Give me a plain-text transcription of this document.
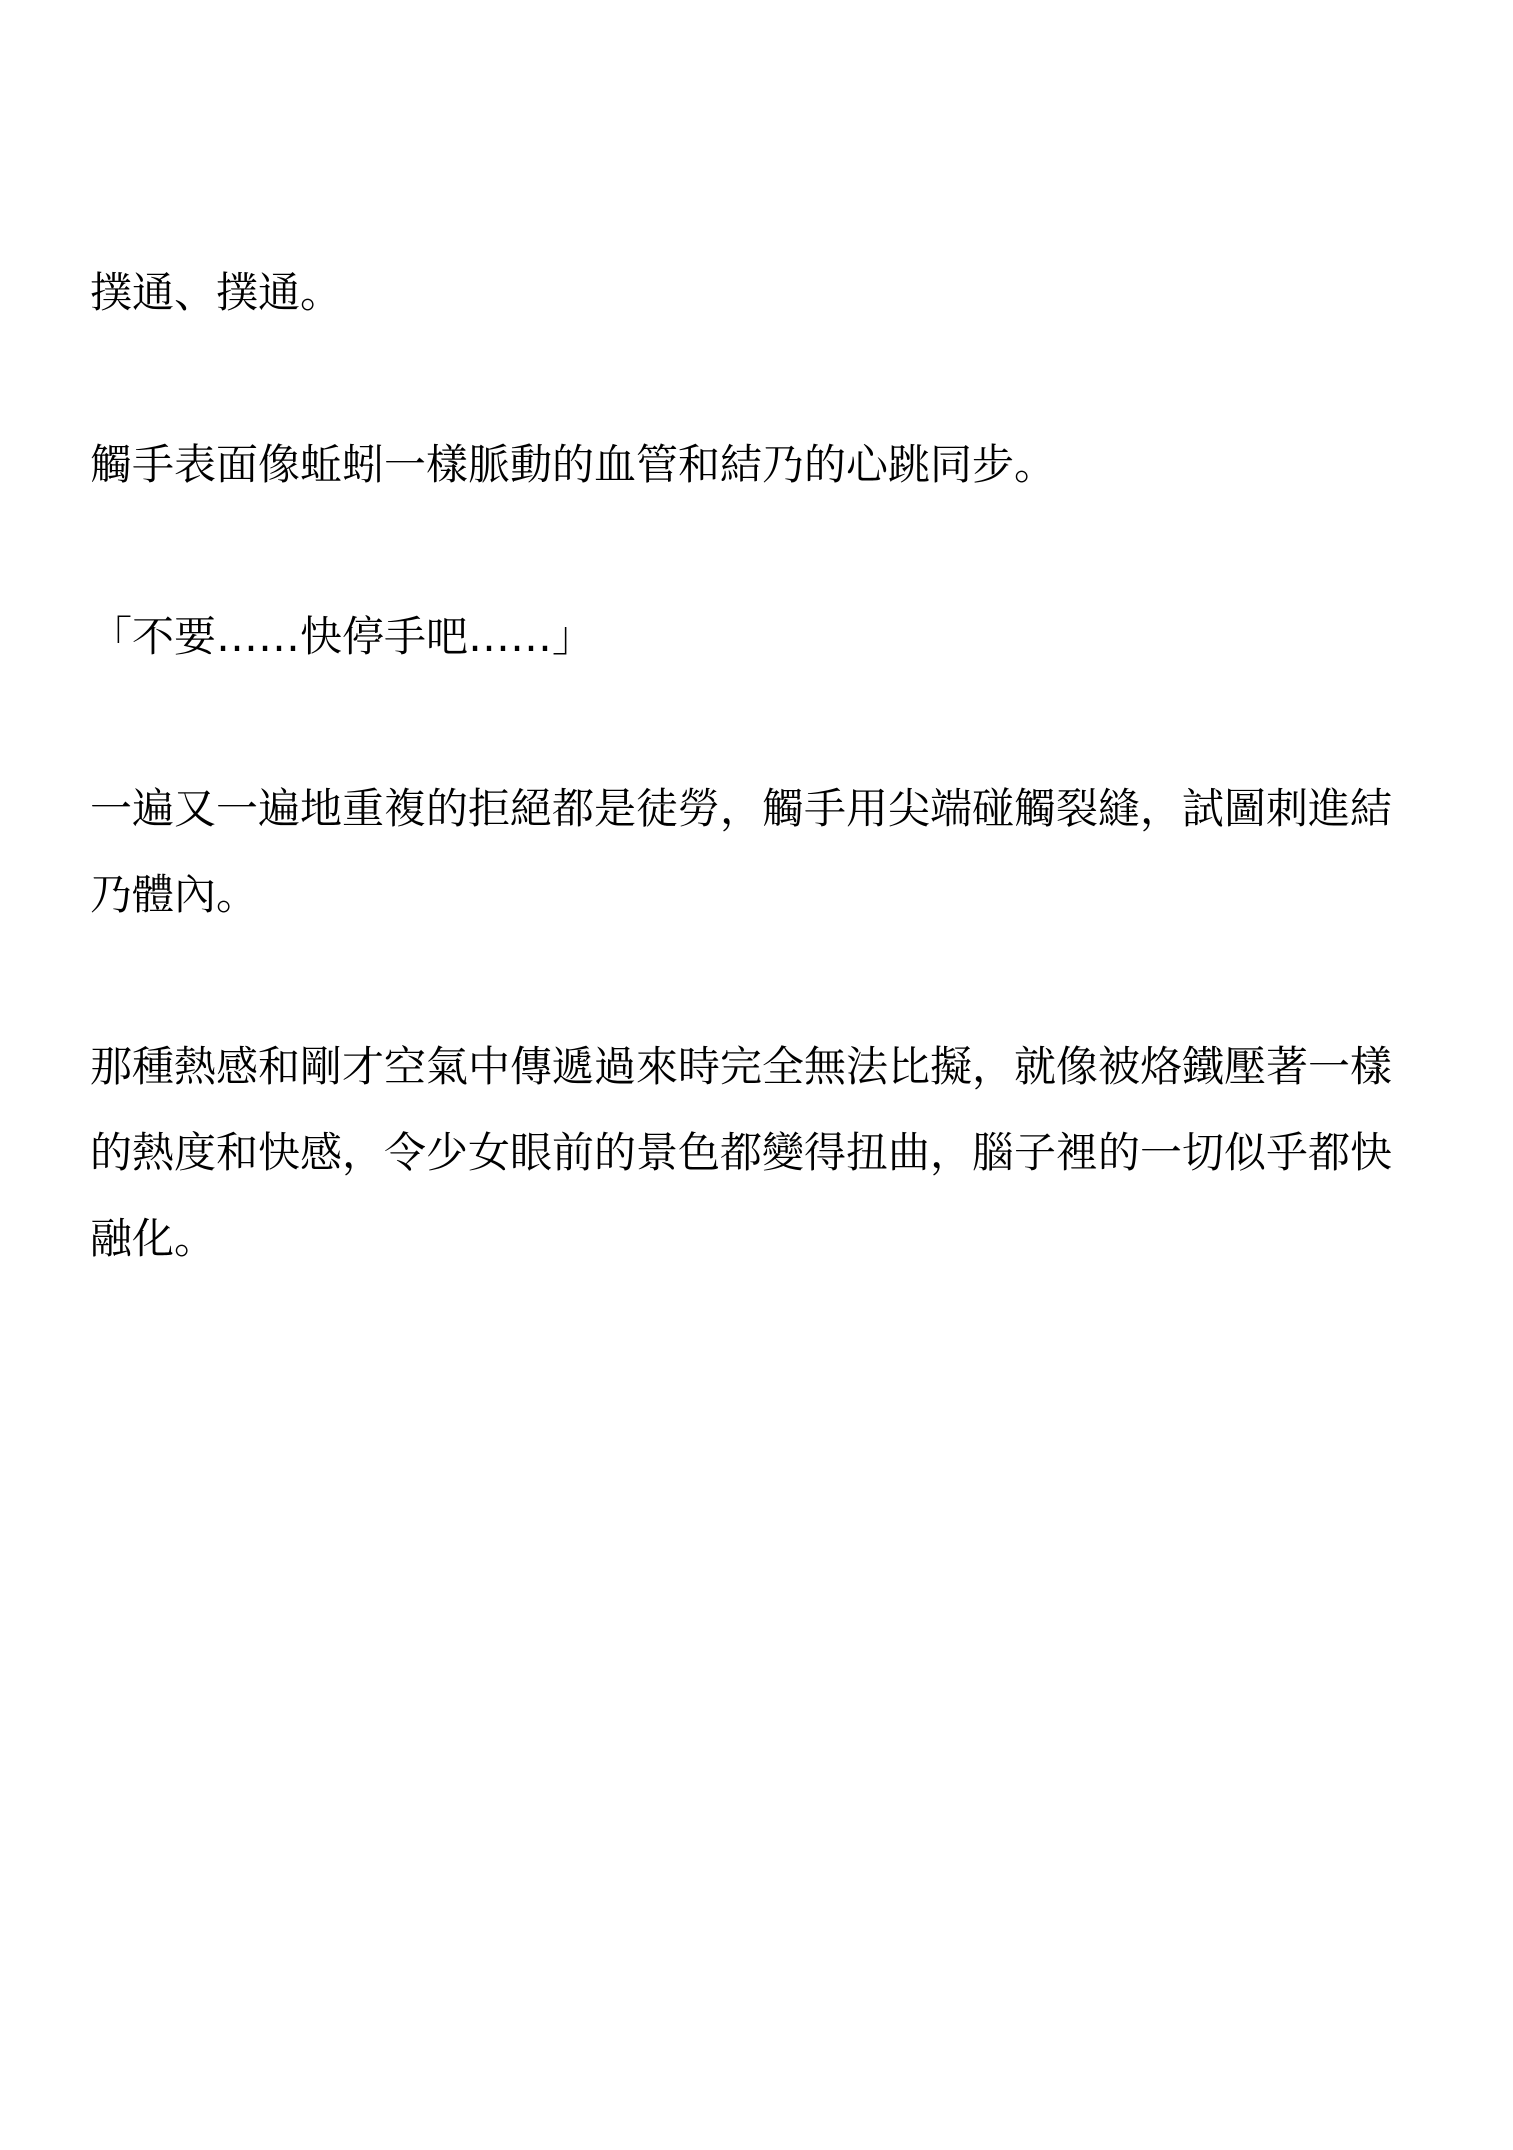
撲通、撲通。

觸手表面像蚯蚓一樣脈動的血管和結乃的心跳同步。

「不要……快停手吧……」

一遍又一遍地重複的拒絕都是徒勞，觸手用尖端碰觸裂縫，試圖刺進結乃體內。

那種熱感和剛才空氣中傳遞過來時完全無法比擬，就像被烙鐵壓著一樣的熱度和快感，令少女眼前的景色都變得扭曲，腦子裡的一切似乎都快融化。
